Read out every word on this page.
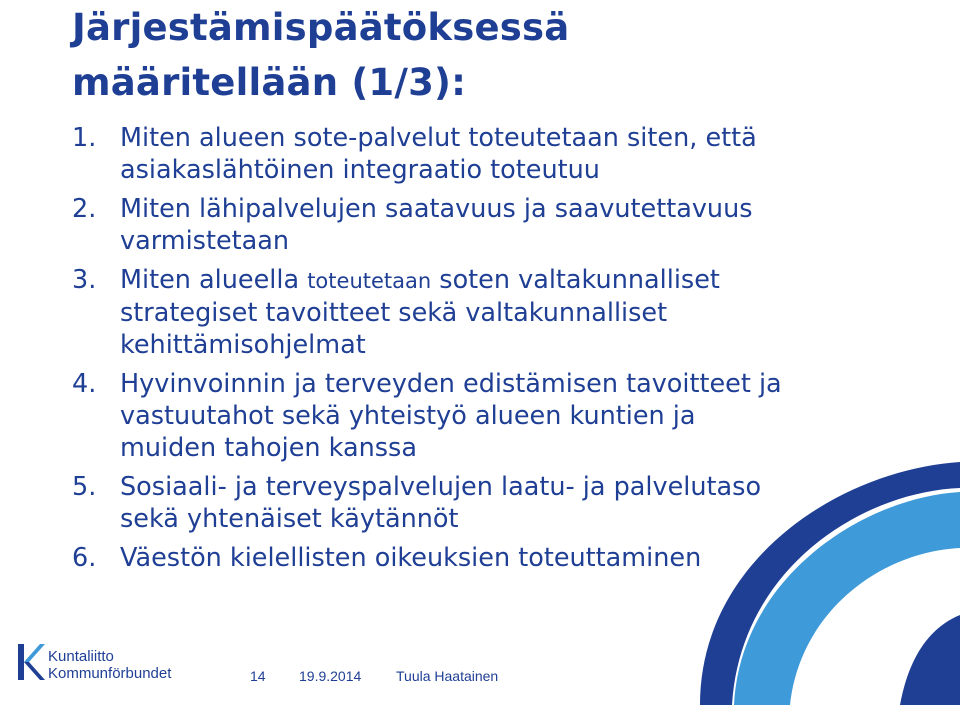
Järjestämispäätöksessä
määritellään (1/3):
1. Miten alueen sote-palvelut toteutetaan siten, että
asiakaslähtöinen integraatio toteutuu
2. Miten lähipalvelujen saatavuus ja saavutettavuus
varmistetaan
3. Miten alueella toteutetaan soten valtakunnalliset
strategiset tavoitteet sekä valtakunnalliset
kehittämisohjelmat
4. Hyvinvoinnin ja terveyden edistämisen tavoitteet ja
vastuutahot sekä yhteistyö alueen kuntien ja
muiden tahojen kanssa
5. Sosiaali- ja terveyspalvelujen laatu- ja palvelutaso
sekä yhtenäiset käytännöt
6. Väestön kielellisten oikeuksien toteuttaminen
Kuntaliitto
Kommunförbundet	14 19.9.2014 Tuula Haatainen
